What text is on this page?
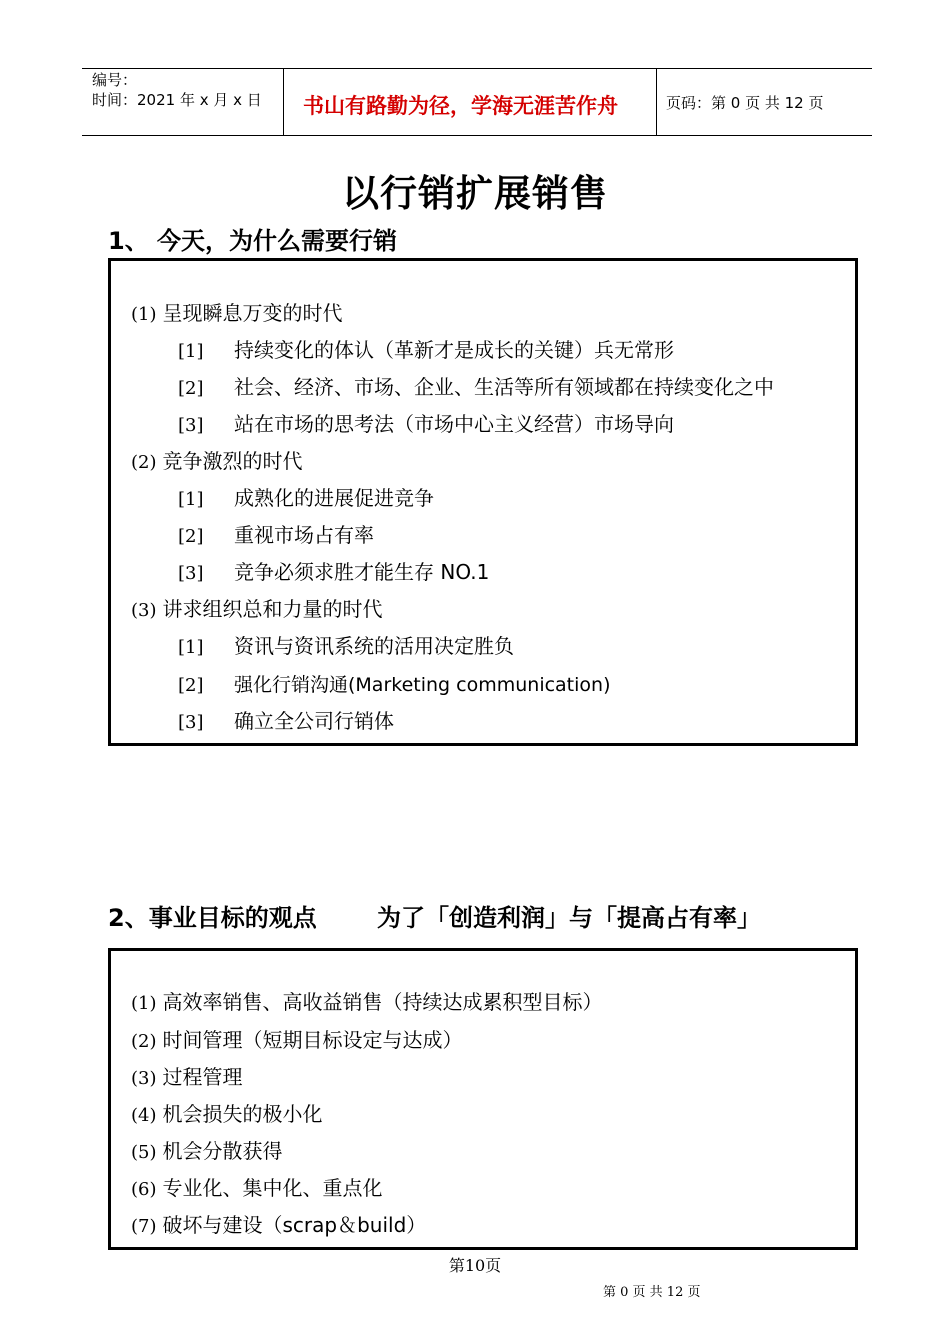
编号：
时间：2021 年 x 月 x 日 书山有路勤为径，学海无涯苦作舟	页码：第 0 页 共 12 页
以行销扩展销售
1、 今天，为什么需要行销
(1) 呈现瞬息万变的时代
[1] 持续变化的体认（革新才是成长的关键）兵无常形
[2] 社会、经济、市场、企业、生活等所有领域都在持续变化之中
[3] 站在市场的思考法（市场中心主义经营）市场导向
(2) 竞争激烈的时代
[1] 成熟化的进展促进竞争
[2] 重视市场占有率
[3] 竞争必须求胜才能生存 NO.1
(3) 讲求组织总和力量的时代
[1] 资讯与资讯系统的活用决定胜负
[2] 强化行销沟通(Marketing communication)
[3] 确立全公司行销体
2、事业目标的观点	为了「创造利润」与「提高占有率」
(1) 高效率销售、高收益销售（持续达成累积型目标）
(2) 时间管理（短期目标设定与达成）
(3) 过程管理
(4) 机会损失的极小化
(5) 机会分散获得
(6) 专业化、集中化、重点化
(7) 破坏与建设（scrap＆build）
第10页
第 0 页 共 12 页
